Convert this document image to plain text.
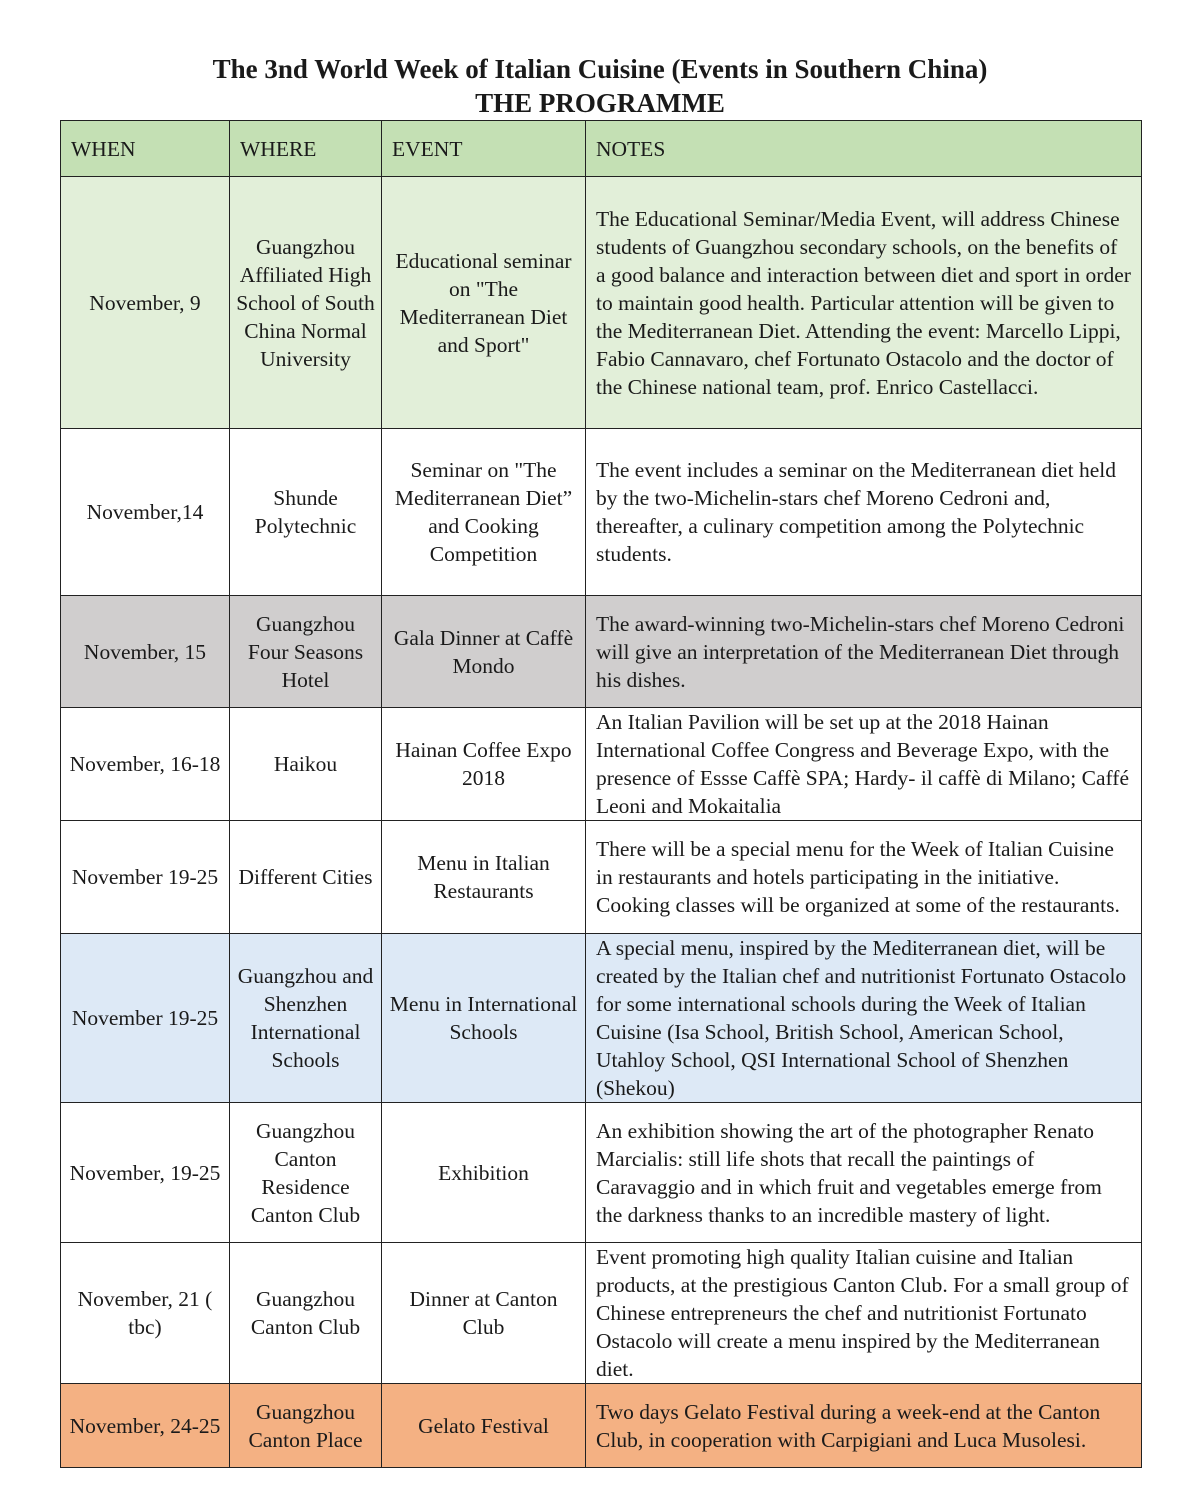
The 3nd World Week of Italian Cuisine (Events in Southern China)
THE PROGRAMME
WHEN	WHERE	EVENT	NOTES
November, 9	Guangzhou Affiliated High School of South China Normal University	Educational seminar on "The Mediterranean Diet and Sport"	The Educational Seminar/Media Event, will address Chinese students of Guangzhou secondary schools, on the benefits of a good balance and interaction between diet and sport in order to maintain good health. Particular attention will be given to the Mediterranean Diet. Attending the event: Marcello Lippi, Fabio Cannavaro, chef Fortunato Ostacolo and the doctor of the Chinese national team, prof. Enrico Castellacci.
November,14	Shunde Polytechnic	Seminar on "The Mediterranean Diet” and Cooking Competition	The event includes a seminar on the Mediterranean diet held by the two-Michelin-stars chef Moreno Cedroni and, thereafter, a culinary competition among the Polytechnic students.
November, 15	Guangzhou Four Seasons Hotel	Gala Dinner at Caffè Mondo	The award-winning two-Michelin-stars chef Moreno Cedroni will give an interpretation of the Mediterranean Diet through his dishes.
November, 16-18	Haikou	Hainan Coffee Expo 2018	An Italian Pavilion will be set up at the 2018 Hainan International Coffee Congress and Beverage Expo, with the presence of Essse Caffè SPA; Hardy- il caffè di Milano; Caffé Leoni and Mokaitalia
November 19-25	Different Cities	Menu in Italian Restaurants	There will be a special menu for the Week of Italian Cuisine in restaurants and hotels participating in the initiative. Cooking classes will be organized at some of the restaurants.
November 19-25	Guangzhou and Shenzhen International Schools	Menu in International Schools	A special menu, inspired by the Mediterranean diet, will be created by the Italian chef and nutritionist Fortunato Ostacolo for some international schools during the Week of Italian Cuisine (Isa School, British School, American School, Utahloy School, QSI International School of Shenzhen (Shekou)
November, 19-25	Guangzhou Canton Residence Canton Club	Exhibition	An exhibition showing the art of the photographer Renato Marcialis: still life shots that recall the paintings of Caravaggio and in which fruit and vegetables emerge from the darkness thanks to an incredible mastery of light.
November, 21 ( tbc)	Guangzhou Canton Club	Dinner at Canton Club	Event promoting high quality Italian cuisine and Italian products, at the prestigious Canton Club. For a small group of Chinese entrepreneurs the chef and nutritionist Fortunato Ostacolo will create a menu inspired by the Mediterranean diet.
November, 24-25	Guangzhou Canton Place	Gelato Festival	Two days Gelato Festival during a week-end at the Canton Club, in cooperation with Carpigiani and Luca Musolesi.
